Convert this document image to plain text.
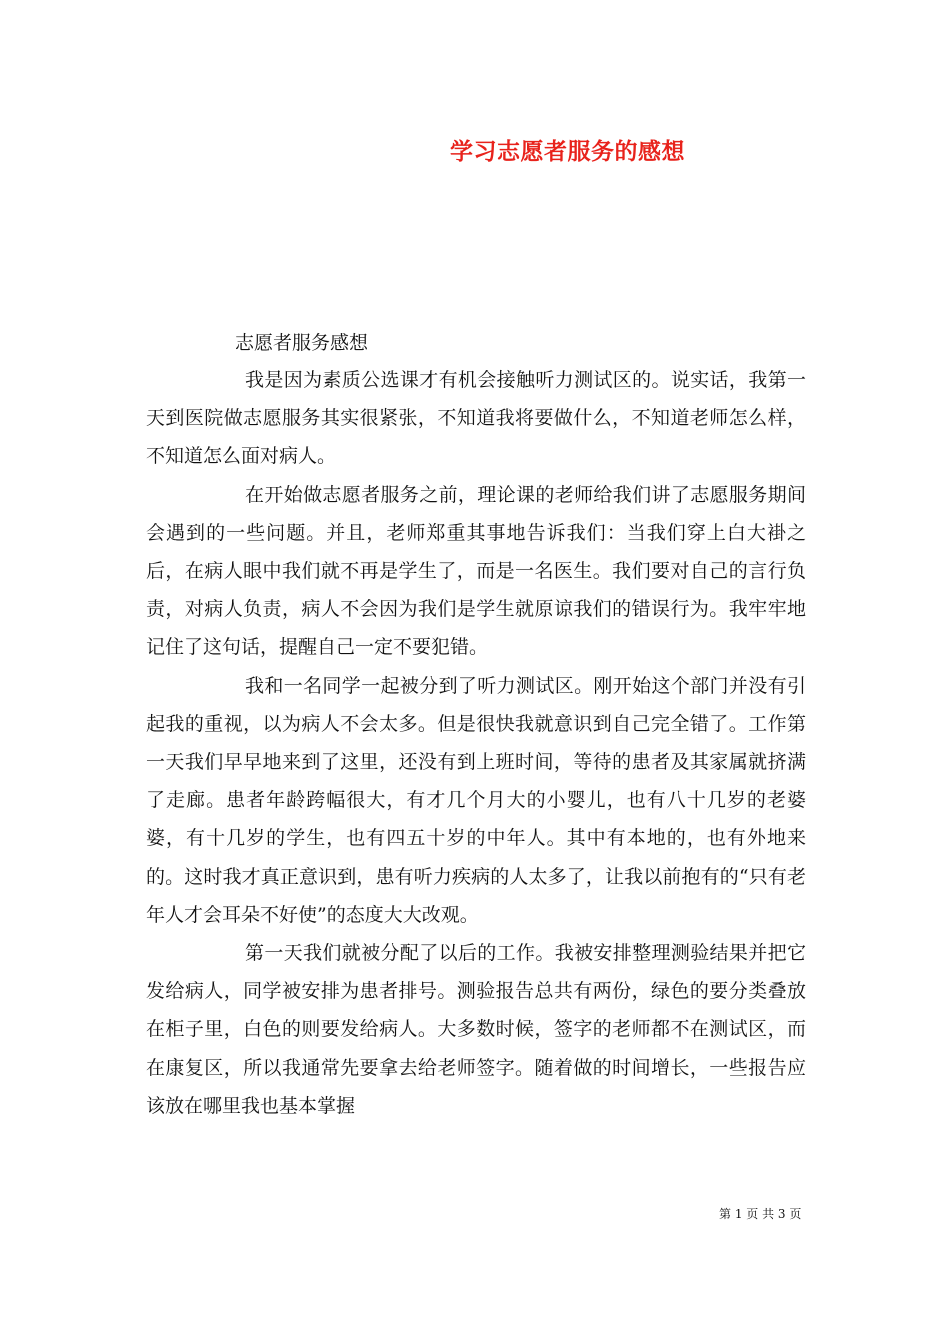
学习志愿者服务的感想
志愿者服务感想

我是因为素质公选课才有机会接触听力测试区的。说实话，我第一天到医院做志愿服务其实很紧张，不知道我将要做什么，不知道老师怎么样，不知道怎么面对病人。

在开始做志愿者服务之前，理论课的老师给我们讲了志愿服务期间会遇到的一些问题。并且，老师郑重其事地告诉我们：当我们穿上白大褂之后，在病人眼中我们就不再是学生了，而是一名医生。我们要对自己的言行负责，对病人负责，病人不会因为我们是学生就原谅我们的错误行为。我牢牢地记住了这句话，提醒自己一定不要犯错。

我和一名同学一起被分到了听力测试区。刚开始这个部门并没有引起我的重视，以为病人不会太多。但是很快我就意识到自己完全错了。工作第一天我们早早地来到了这里，还没有到上班时间，等待的患者及其家属就挤满了走廊。患者年龄跨幅很大，有才几个月大的小婴儿，也有八十几岁的老婆婆，有十几岁的学生，也有四五十岁的中年人。其中有本地的，也有外地来的。这时我才真正意识到，患有听力疾病的人太多了，让我以前抱有的“只有老年人才会耳朵不好使”的态度大大改观。

第一天我们就被分配了以后的工作。我被安排整理测验结果并把它发给病人，同学被安排为患者排号。测验报告总共有两份，绿色的要分类叠放在柜子里，白色的则要发给病人。大多数时候，签字的老师都不在测试区，而在康复区，所以我通常先要拿去给老师签字。随着做的时间增长，一些报告应该放在哪里我也基本掌握

第 1 页 共 3 页
